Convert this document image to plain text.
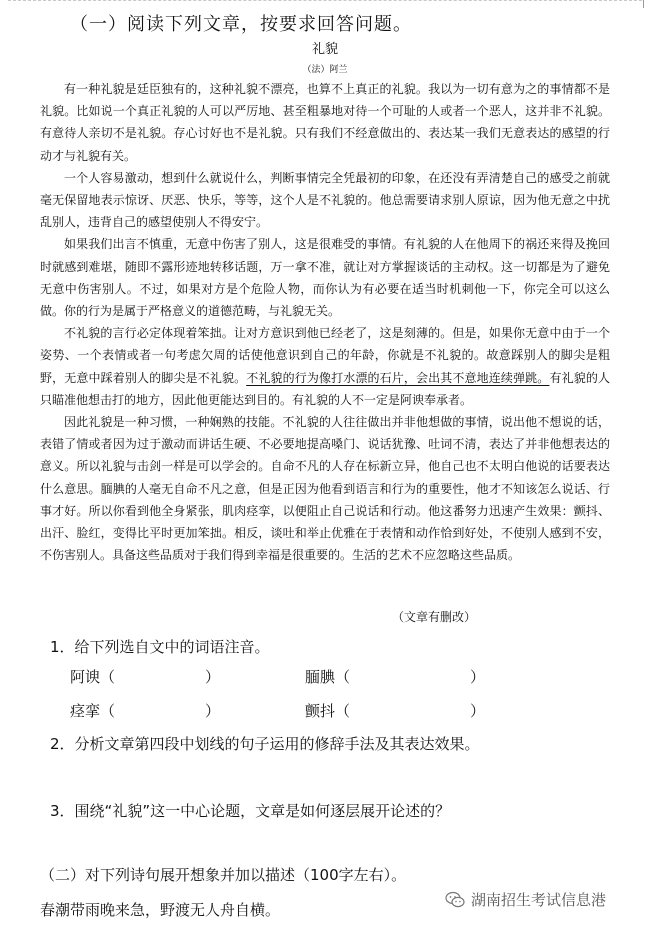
（一）阅读下列文章，按要求回答问题。
礼貌
（法）阿兰

有一种礼貌是廷臣独有的，这种礼貌不漂亮，也算不上真正的礼貌。我以为一切有意为之的事情都不是礼貌。比如说一个真正礼貌的人可以严厉地、甚至粗暴地对待一个可耻的人或者一个恶人，这并非不礼貌。有意待人亲切不是礼貌。存心讨好也不是礼貌。只有我们不经意做出的、表达某一我们无意表达的感望的行动才与礼貌有关。

一个人容易激动，想到什么就说什么，判断事情完全凭最初的印象，在还没有弄清楚自己的感受之前就毫无保留地表示惊讶、厌恶、快乐，等等，这个人是不礼貌的。他总需要请求别人原谅，因为他无意之中扰乱别人，违背自己的感望使别人不得安宁。

如果我们出言不慎重，无意中伤害了别人，这是很难受的事情。有礼貌的人在他周下的祸还来得及挽回时就感到难堪，随即不露形迹地转移话题，万一拿不准，就让对方掌握谈话的主动权。这一切都是为了避免无意中伤害别人。不过，如果对方是个危险人物，而你认为有必要在适当时机刺他一下，你完全可以这么做。你的行为是属于严格意义的道德范畴，与礼貌无关。

不礼貌的言行必定体现着笨拙。让对方意识到他已经老了，这是刻薄的。但是，如果你无意中由于一个姿势、一个表情或者一句考虑欠周的话使他意识到自己的年龄，你就是不礼貌的。故意踩别人的脚尖是粗野，无意中踩着别人的脚尖是不礼貌。不礼貌的行为像打水漂的石片，会出其不意地连续弹跳。有礼貌的人只瞄准他想击打的地方，因此他更能达到目的。有礼貌的人不一定是阿谀奉承者。

因此礼貌是一种习惯，一种娴熟的技能。不礼貌的人往往做出并非他想做的事情，说出他不想说的话，表错了情或者因为过于激动而讲话生硬、不必要地提高嗓门、说话犹豫、吐词不清，表达了并非他想表达的意义。所以礼貌与击剑一样是可以学会的。自命不凡的人存在标新立异，他自己也不太明白他说的话要表达什么意思。腼腆的人毫无自命不凡之意，但是正因为他看到语言和行为的重要性，他才不知该怎么说话、行事才好。所以你看到他全身紧张，肌肉痉挛，以便阻止自己说话和行动。他这番努力迅速产生效果：颤抖、出汗、脸红，变得比平时更加笨拙。相反，谈吐和举止优雅在于表情和动作恰到好处，不使别人感到不安，不伤害别人。具备这些品质对于我们得到幸福是很重要的。生活的艺术不应忽略这些品质。

（文章有删改）
1．给下列选自文中的词语注音。
阿谀（　　　　　　）	腼腆（　　　　　　　　）
痉挛（　　　　　　）	颤抖（　　　　　　　　）
2．分析文章第四段中划线的句子运用的修辞手法及其表达效果。
3．围绕“礼貌”这一中心论题，文章是如何逐层展开论述的？
（二）对下列诗句展开想象并加以描述（100字左右）。
春潮带雨晚来急，野渡无人舟自横。
湖南招生考试信息港
